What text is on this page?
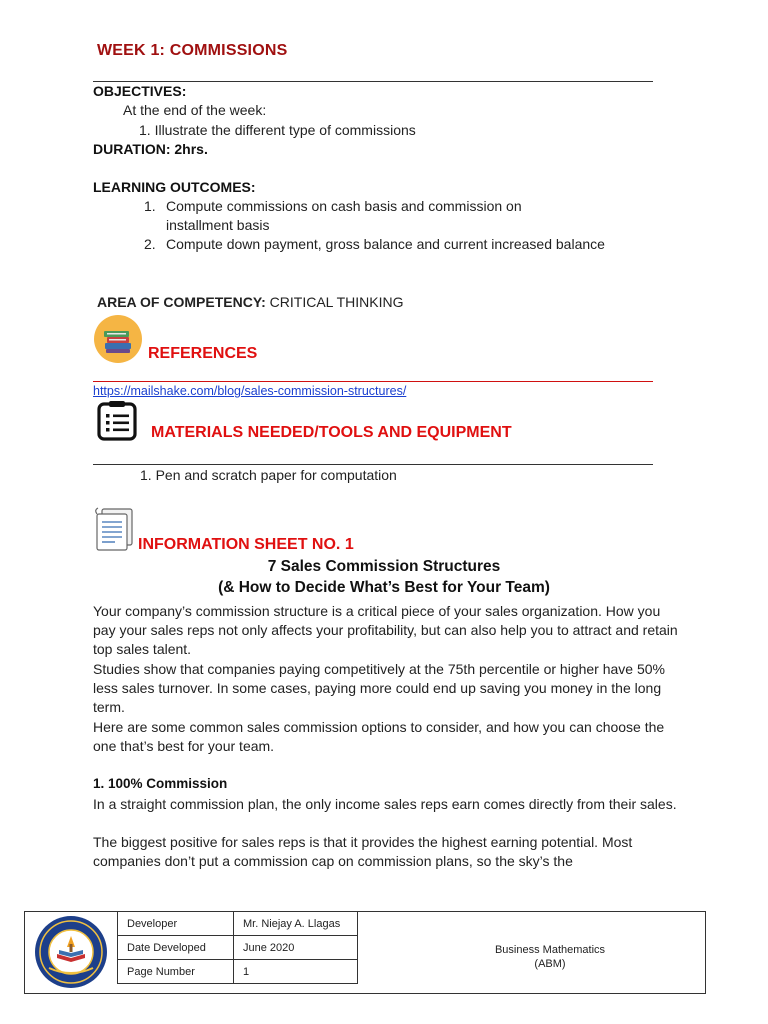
WEEK 1: COMMISSIONS
OBJECTIVES:
At the end of the week:
1. Illustrate the different type of commissions
DURATION: 2hrs.
LEARNING OUTCOMES:
1. Compute commissions on cash basis and commission on
installment basis
2. Compute down payment, gross balance and current increased balance
AREA OF COMPETENCY: CRITICAL THINKING
REFERENCES
https://mailshake.com/blog/sales-commission-structures/
MATERIALS NEEDED/TOOLS AND EQUIPMENT
1. Pen and scratch paper for computation
INFORMATION SHEET NO. 1
7 Sales Commission Structures
(& How to Decide What’s Best for Your Team)
Your company’s commission structure is a critical piece of your sales organization. How you pay your sales reps not only affects your profitability, but can also help you to attract and retain top sales talent.
Studies show that companies paying competitively at the 75th percentile or higher have 50% less sales turnover. In some cases, paying more could end up saving you money in the long term.
Here are some common sales commission options to consider, and how you can choose the one that’s best for your team.
1. 100% Commission
In a straight commission plan, the only income sales reps earn comes directly from their sales.
The biggest positive for sales reps is that it provides the highest earning potential. Most companies don’t put a commission cap on commission plans, so the sky’s the
Developer	Mr. Niejay A. Llagas
Date Developed	June 2020
Page Number	1
Business Mathematics
(ABM)
